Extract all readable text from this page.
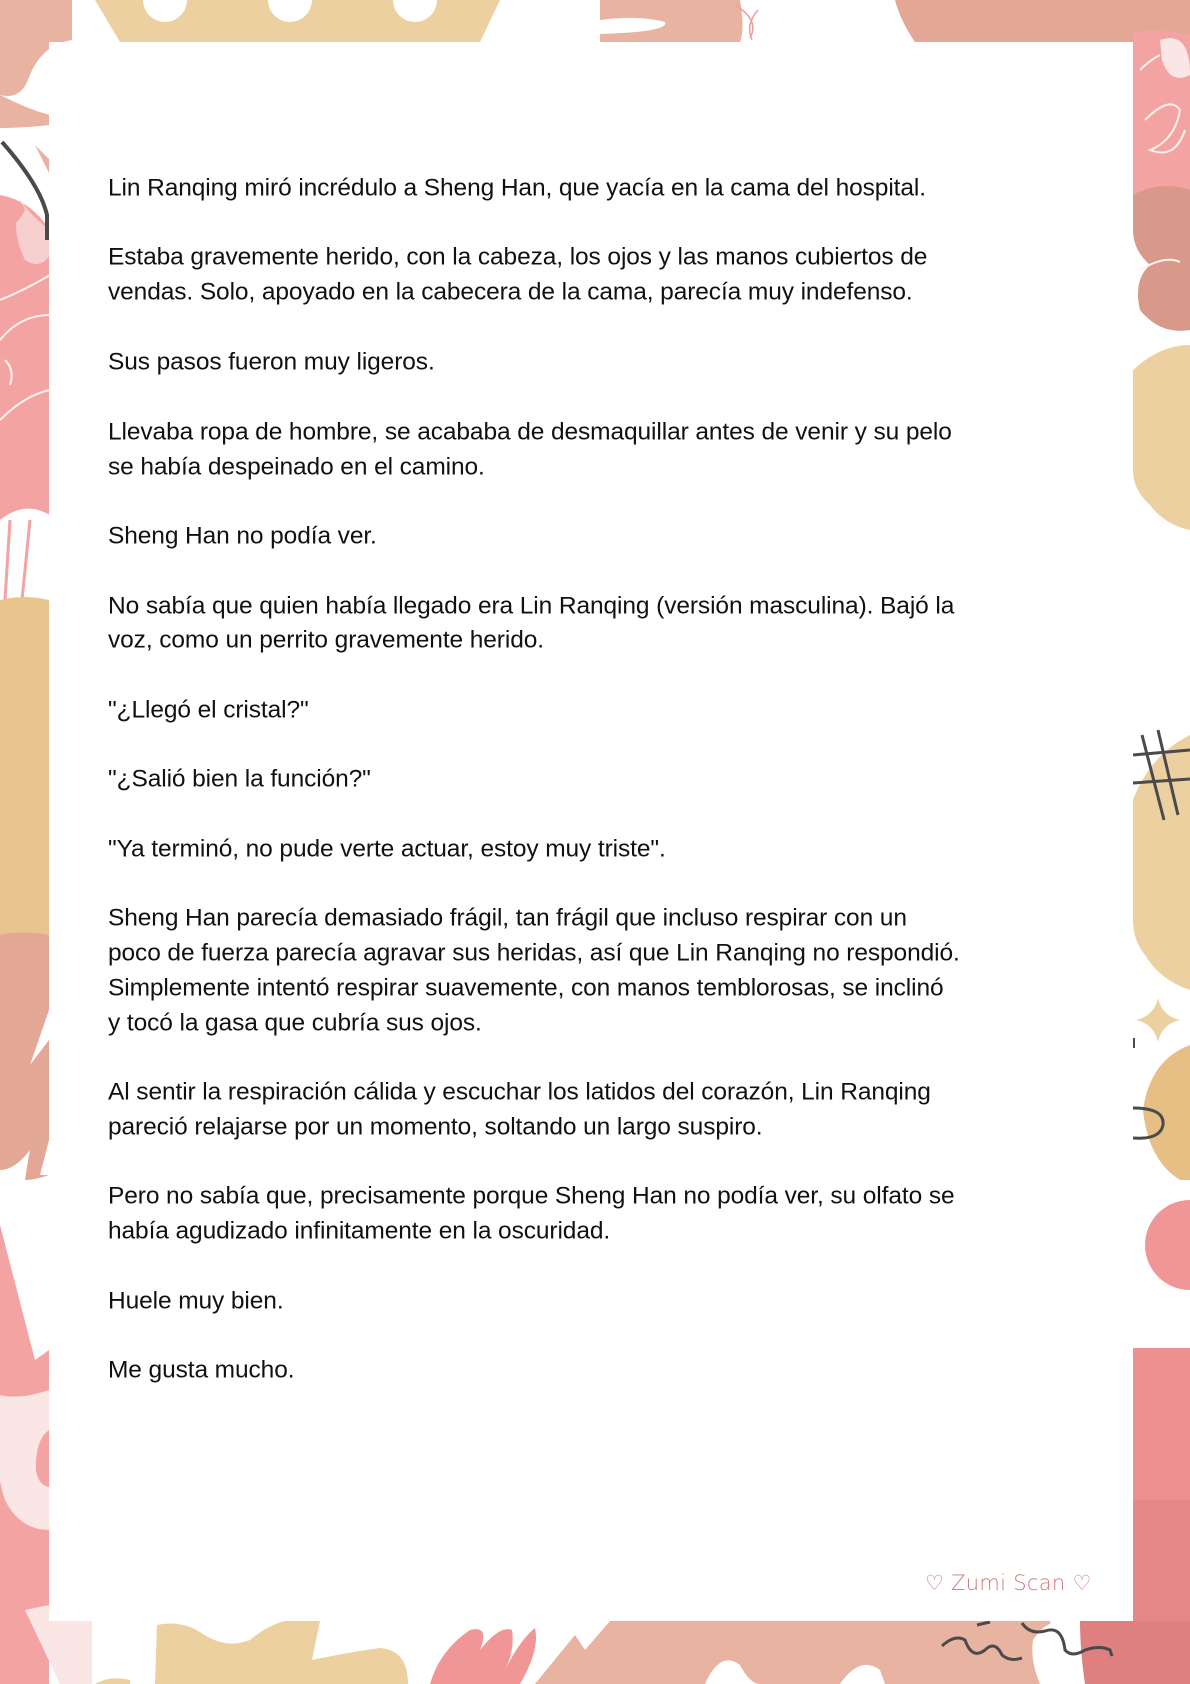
Lin Ranqing miró incrédulo a Sheng Han, que yacía en la cama del hospital.
Estaba gravemente herido, con la cabeza, los ojos y las manos cubiertos de
vendas. Solo, apoyado en la cabecera de la cama, parecía muy indefenso.
Sus pasos fueron muy ligeros.
Llevaba ropa de hombre, se acababa de desmaquillar antes de venir y su pelo
se había despeinado en el camino.
Sheng Han no podía ver.
No sabía que quien había llegado era Lin Ranqing (versión masculina). Bajó la
voz, como un perrito gravemente herido.
"¿Llegó el cristal?"
"¿Salió bien la función?"
"Ya terminó, no pude verte actuar, estoy muy triste".
Sheng Han parecía demasiado frágil, tan frágil que incluso respirar con un
poco de fuerza parecía agravar sus heridas, así que Lin Ranqing no respondió.
Simplemente intentó respirar suavemente, con manos temblorosas, se inclinó
y tocó la gasa que cubría sus ojos.
Al sentir la respiración cálida y escuchar los latidos del corazón, Lin Ranqing
pareció relajarse por un momento, soltando un largo suspiro.
Pero no sabía que, precisamente porque Sheng Han no podía ver, su olfato se
había agudizado infinitamente en la oscuridad.
Huele muy bien.
Me gusta mucho.
♡ Zumi Scan ♡
